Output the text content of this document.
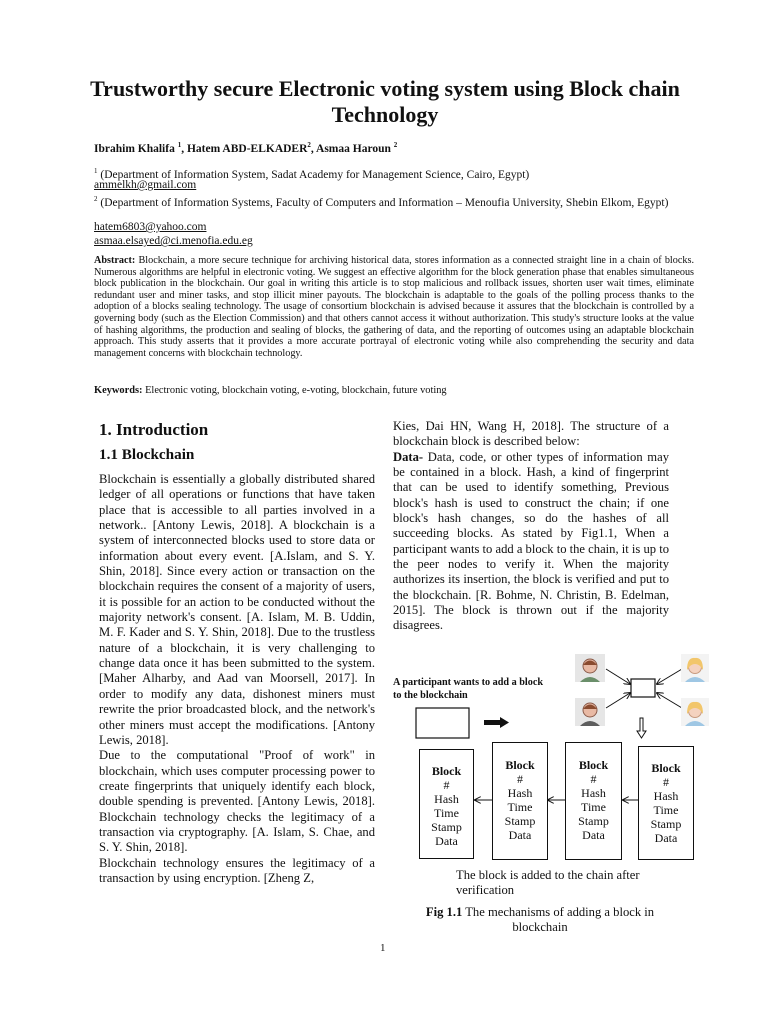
Trustworthy secure Electronic voting system using Block chain Technology
Ibrahim Khalifa $^1$, Hatem ABD-ELKADER$^2$, Asmaa Haroun $^2$
$^1$ (Department of Information System, Sadat Academy for Management Science, Cairo, Egypt)
ammelkh@gmail.com
$^2$ (Department of Information Systems, Faculty of Computers and Information – Menoufia University, Shebin Elkom, Egypt)
hatem6803@yahoo.com
asmaa.elsayed@ci.menofia.edu.eg
Abstract: Blockchain, a more secure technique for archiving historical data, stores information as a connected straight line in a chain of blocks. Numerous algorithms are helpful in electronic voting. We suggest an effective algorithm for the block generation phase that enables simultaneous block publication in the blockchain. Our goal in writing this article is to stop malicious and rollback issues, shorten user wait times, eliminate redundant user and miner tasks, and stop illicit miner payouts. The blockchain is adaptable to the goals of the polling process thanks to the adoption of a blocks sealing technology. The usage of consortium blockchain is advised because it assures that the blockchain is controlled by a governing body (such as the Election Commission) and that others cannot access it without authorization. This study's structure looks at the value of hashing algorithms, the production and sealing of blocks, the gathering of data, and the reporting of outcomes using an adaptable blockchain approach. This study asserts that it provides a more accurate portrayal of electronic voting while also comprehending the security and data management concerns with blockchain technology.
Keywords: Electronic voting, blockchain voting, e-voting, blockchain, future voting
1. Introduction
1.1 Blockchain

Blockchain is essentially a globally distributed shared ledger of all operations or functions that have taken place that is accessible to all parties involved in a network.. [Antony Lewis, 2018]. A blockchain is a system of interconnected blocks used to store data or information about every event. [A.Islam, and S. Y. Shin, 2018]. Since every action or transaction on the blockchain requires the consent of a majority of users, it is possible for an action to be conducted without the majority network's consent. [A. Islam, M. B. Uddin, M. F. Kader and S. Y. Shin, 2018]. Due to the trustless nature of a blockchain, it is very challenging to change data once it has been submitted to the system. [Maher Alharby, and Aad van Moorsell, 2017]. In order to modify any data, dishonest miners must rewrite the prior broadcasted block, and the network's other miners must accept the modifications. [Antony Lewis, 2018].

Due to the computational "Proof of work" in blockchain, which uses computer processing power to create fingerprints that uniquely identify each block, double spending is prevented. [Antony Lewis, 2018]. Blockchain technology checks the legitimacy of a transaction via cryptography. [A. Islam, S. Chae, and S. Y. Shin, 2018].

Blockchain technology ensures the legitimacy of a transaction by using encryption. [Zheng Z,

Kies, Dai HN, Wang H, 2018]. The structure of a blockchain block is described below:

Data- Data, code, or other types of information may be contained in a block. Hash, a kind of fingerprint that can be used to identify something, Previous block's hash is used to construct the chain; if one block's hash changes, so do the hashes of all succeeding blocks. As stated by Fig1.1, When a participant wants to add a block to the chain, it is up to the peer nodes to verify it. When the majority authorizes its insertion, the block is verified and put to the blockchain. [R. Bohme, N. Christin, B. Edelman, 2015]. The block is thrown out if the majority disagrees.

A participant wants to add a block to the blockchain
Block
#
Hash
Time
Stamp
Data
Block
#
Hash
Time
Stamp
Data
Block
#
Hash
Time
Stamp
Data
Block
#
Hash
Time
Stamp
Data
The block is added to the chain after verification
Fig 1.1 The mechanisms of adding a block in blockchain
1
